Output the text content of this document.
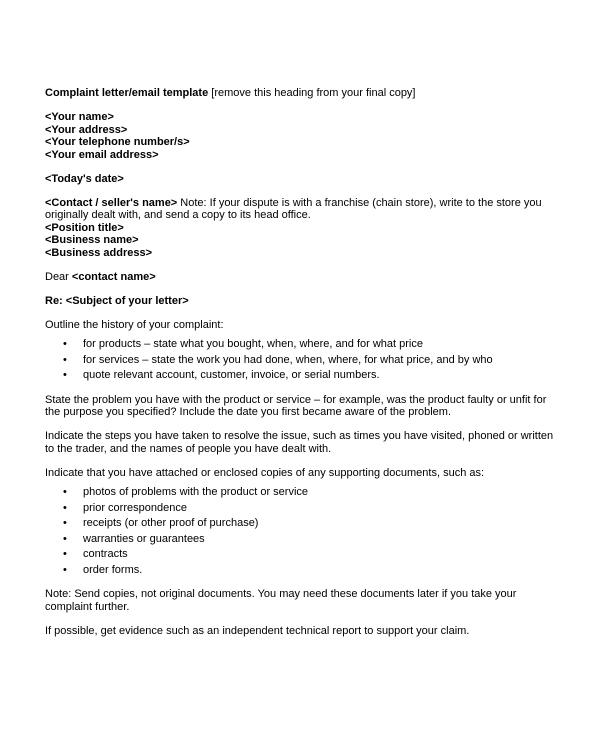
Complaint letter/email template [remove this heading from your final copy]

<Your name>
<Your address>
<Your telephone number/s>
<Your email address>

<Today's date>

<Contact / seller's name> Note: If your dispute is with a franchise (chain store), write to the store you originally dealt with, and send a copy to its head office.
<Position title>
<Business name>
<Business address>

Dear <contact name>

Re: <Subject of your letter>

Outline the history of your complaint:

• for products – state what you bought, when, where, and for what price
• for services – state the work you had done, when, where, for what price, and by who
• quote relevant account, customer, invoice, or serial numbers.

State the problem you have with the product or service – for example, was the product faulty or unfit for the purpose you specified? Include the date you first became aware of the problem.

Indicate the steps you have taken to resolve the issue, such as times you have visited, phoned or written to the trader, and the names of people you have dealt with.

Indicate that you have attached or enclosed copies of any supporting documents, such as:

• photos of problems with the product or service
• prior correspondence
• receipts (or other proof of purchase)
• warranties or guarantees
• contracts
• order forms.

Note: Send copies, not original documents. You may need these documents later if you take your complaint further.

If possible, get evidence such as an independent technical report to support your claim.
